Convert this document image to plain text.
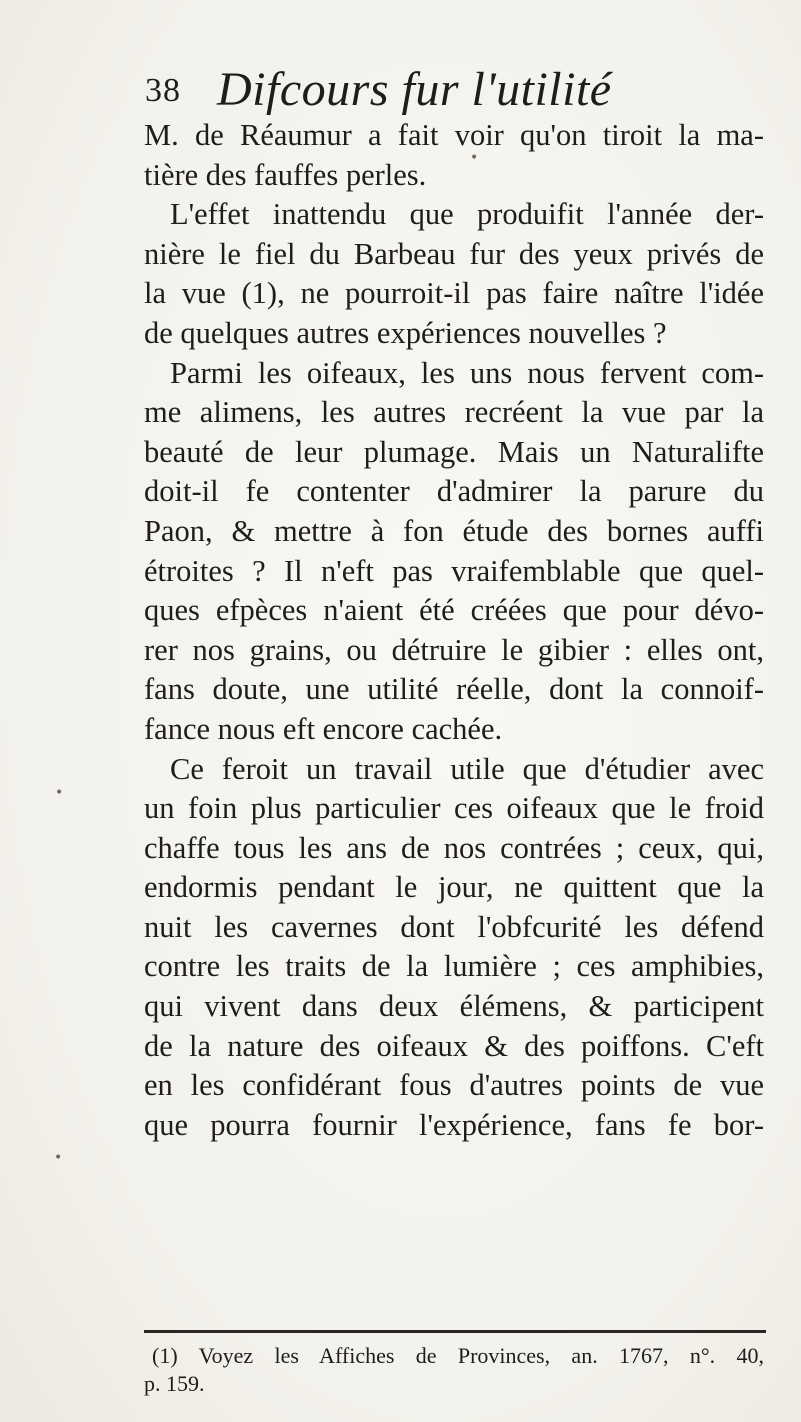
38 Difcours fur l'utilité
M. de Réaumur a fait voir qu'on tiroit la ma-
tière des fauffes perles.
L'effet inattendu que produifit l'année der-
nière le fiel du Barbeau fur des yeux privés de
la vue (1), ne pourroit-il pas faire naître l'idée
de quelques autres expériences nouvelles ?
Parmi les oifeaux, les uns nous fervent com-
me alimens, les autres recréent la vue par la
beauté de leur plumage. Mais un Naturalifte
doit-il fe contenter d'admirer la parure du
Paon, & mettre à fon étude des bornes auffi
étroites ? Il n'eft pas vraifemblable que quel-
ques efpèces n'aient été créées que pour dévo-
rer nos grains, ou détruire le gibier : elles ont,
fans doute, une utilité réelle, dont la connoif-
fance nous eft encore cachée.
Ce feroit un travail utile que d'étudier avec
un foin plus particulier ces oifeaux que le froid
chaffe tous les ans de nos contrées ; ceux, qui,
endormis pendant le jour, ne quittent que la
nuit les cavernes dont l'obfcurité les défend
contre les traits de la lumière ; ces amphibies,
qui vivent dans deux élémens, & participent
de la nature des oifeaux & des poiffons. C'eft
en les confidérant fous d'autres points de vue
que pourra fournir l'expérience, fans fe bor-
(1) Voyez les Affiches de Provinces, an. 1767, n°. 40,
p. 159.
•
•
•
